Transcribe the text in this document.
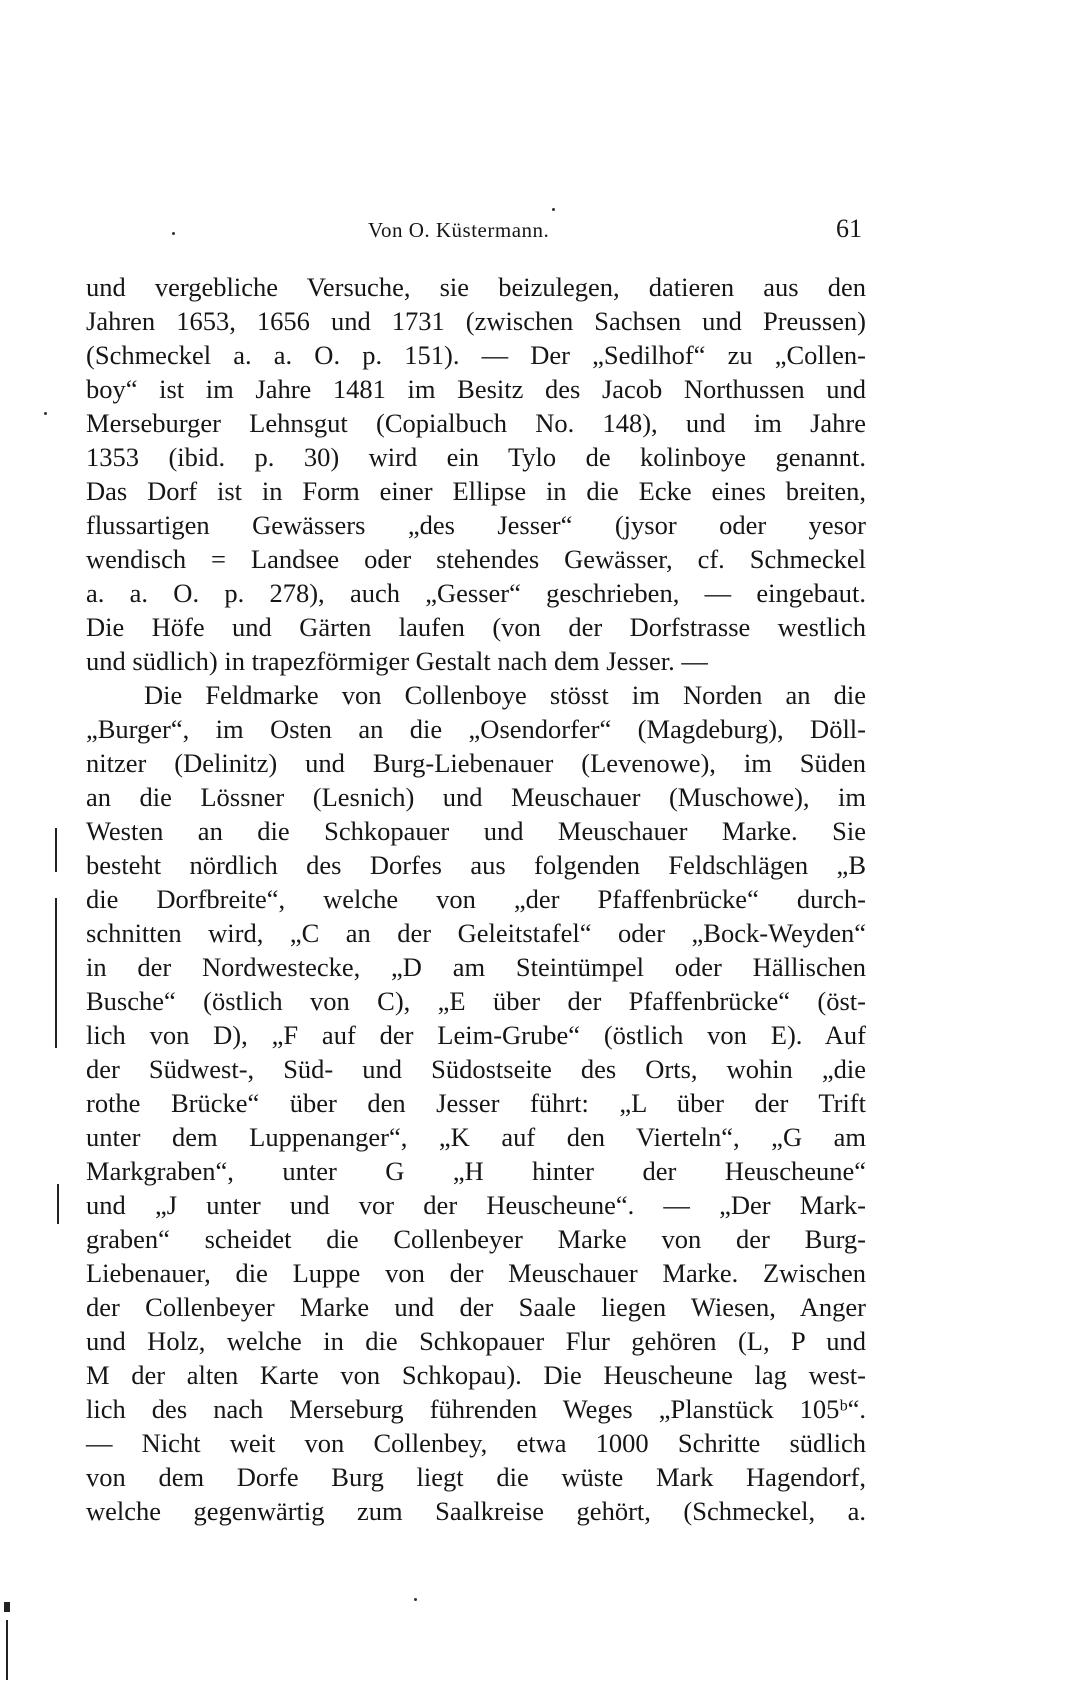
Von O. Küstermann.	61
und vergebliche Versuche, sie beizulegen, datieren aus den
Jahren 1653, 1656 und 1731 (zwischen Sachsen und Preussen)
(Schmeckel a. a. O. p. 151). — Der „Sedilhof“ zu „Collen-
boy“ ist im Jahre 1481 im Besitz des Jacob Northussen und
Merseburger Lehnsgut (Copialbuch No. 148), und im Jahre
1353 (ibid. p. 30) wird ein Tylo de kolinboye genannt.
Das Dorf ist in Form einer Ellipse in die Ecke eines breiten,
flussartigen Gewässers „des Jesser“ (jysor oder yesor
wendisch = Landsee oder stehendes Gewässer, cf. Schmeckel
a. a. O. p. 278), auch „Gesser“ geschrieben, — eingebaut.
Die Höfe und Gärten laufen (von der Dorfstrasse westlich
und südlich) in trapezförmiger Gestalt nach dem Jesser. —
Die Feldmarke von Collenboye stösst im Norden an die
„Burger“, im Osten an die „Osendorfer“ (Magdeburg), Döll-
nitzer (Delinitz) und Burg-Liebenauer (Levenowe), im Süden
an die Lössner (Lesnich) und Meuschauer (Muschowe), im
Westen an die Schkopauer und Meuschauer Marke. Sie
besteht nördlich des Dorfes aus folgenden Feldschlägen „B
die Dorfbreite“, welche von „der Pfaffenbrücke“ durch-
schnitten wird, „C an der Geleitstafel“ oder „Bock-Weyden“
in der Nordwestecke, „D am Steintümpel oder Hällischen
Busche“ (östlich von C), „E über der Pfaffenbrücke“ (öst-
lich von D), „F auf der Leim-Grube“ (östlich von E). Auf
der Südwest-, Süd- und Südostseite des Orts, wohin „die
rothe Brücke“ über den Jesser führt: „L über der Trift
unter dem Luppenanger“, „K auf den Vierteln“, „G am
Markgraben“, unter G „H hinter der Heuscheune“
und „J unter und vor der Heuscheune“. — „Der Mark-
graben“ scheidet die Collenbeyer Marke von der Burg-
Liebenauer, die Luppe von der Meuschauer Marke. Zwischen
der Collenbeyer Marke und der Saale liegen Wiesen, Anger
und Holz, welche in die Schkopauer Flur gehören (L, P und
M der alten Karte von Schkopau). Die Heuscheune lag west-
lich des nach Merseburg führenden Weges „Planstück 105ᵇ“.
— Nicht weit von Collenbey, etwa 1000 Schritte südlich
von dem Dorfe Burg liegt die wüste Mark Hagendorf,
welche gegenwärtig zum Saalkreise gehört, (Schmeckel, a.
